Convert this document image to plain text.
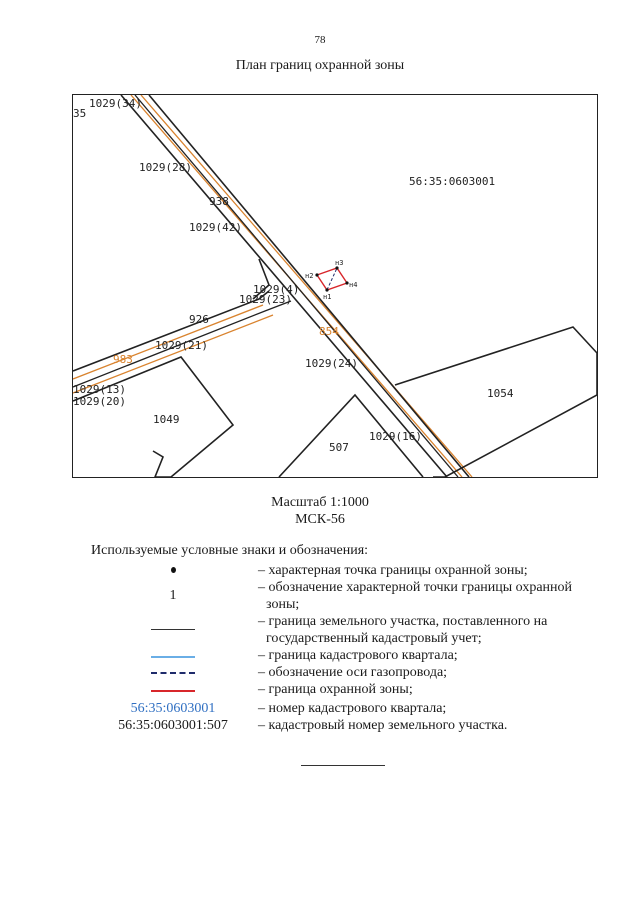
78
План границ охранной зоны
56:35:0603001
1029(34)
35
1029(28)
938
1029(42)
1029(4)
1029(23)
926
1029(21)
983
1029(13)
1029(20)
1049
854
1029(24)
507
1029(16)
1054
н1
н2
н3
н4
Масштаб 1:1000
МСК-56
Используемые условные знаки и обозначения:
– характерная точка границы охранной зоны;
1
– обозначение характерной точки границы охранной
зоны;
– граница земельного участка, поставленного на
государственный кадастровый учет;
– граница кадастрового квартала;
– обозначение оси газопровода;
– граница охранной зоны;
56:35:0603001	– номер кадастрового квартала;
56:35:0603001:507 – кадастровый номер земельного участка.
